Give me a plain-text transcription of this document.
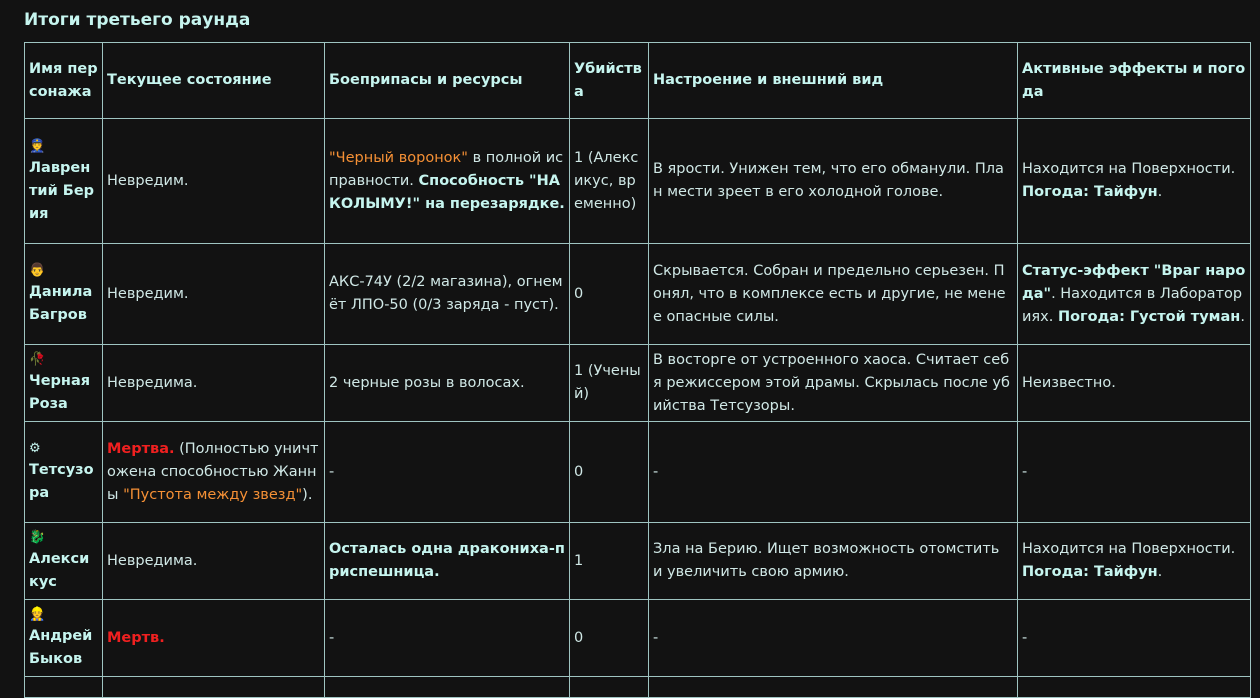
Итоги третьего раунда
Имя персонажа	Текущее состояние	Боеприпасы и ресурсы	Убийства	Настроение и внешний вид	Активные эффекты и погода

👮
Лаврентий Берия	Невредим.	"Черный воронок" в полной исправности. Способность "НА КОЛЫМУ!" на перезарядке.	1 (Алексикус, временно)	В ярости. Унижен тем, что его обманули. План мести зреет в его холодной голове.	Находится на Поверхности. Погода: Тайфун.

👨
Данила Багров	Невредим.	АКС-74У (2/2 магазина), огнемёт ЛПО-50 (0/3 заряда - пуст).	0	Скрывается. Собран и предельно серьезен. Понял, что в комплексе есть и другие, не менее опасные силы.	Статус-эффект "Враг народа". Находится в Лабораториях. Погода: Густой туман.

🥀
Черная Роза	Невредима.	2 черные розы в волосах.	1 (Ученый)	В восторге от устроенного хаоса. Считает себя режиссером этой драмы. Скрылась после убийства Тетсузоры.	Неизвестно.

⚙
Тетсузора	Мертва. (Полностью уничтожена способностью Жанны "Пустота между звезд").	-	0	-	-

🐉
Алексикус	Невредима.	Осталась одна дракониха-приспешница.	1	Зла на Берию. Ищет возможность отомстить и увеличить свою армию.	Находится на Поверхности. Погода: Тайфун.

👷
Андрей Быков	Мертв.	-	0	-	-
